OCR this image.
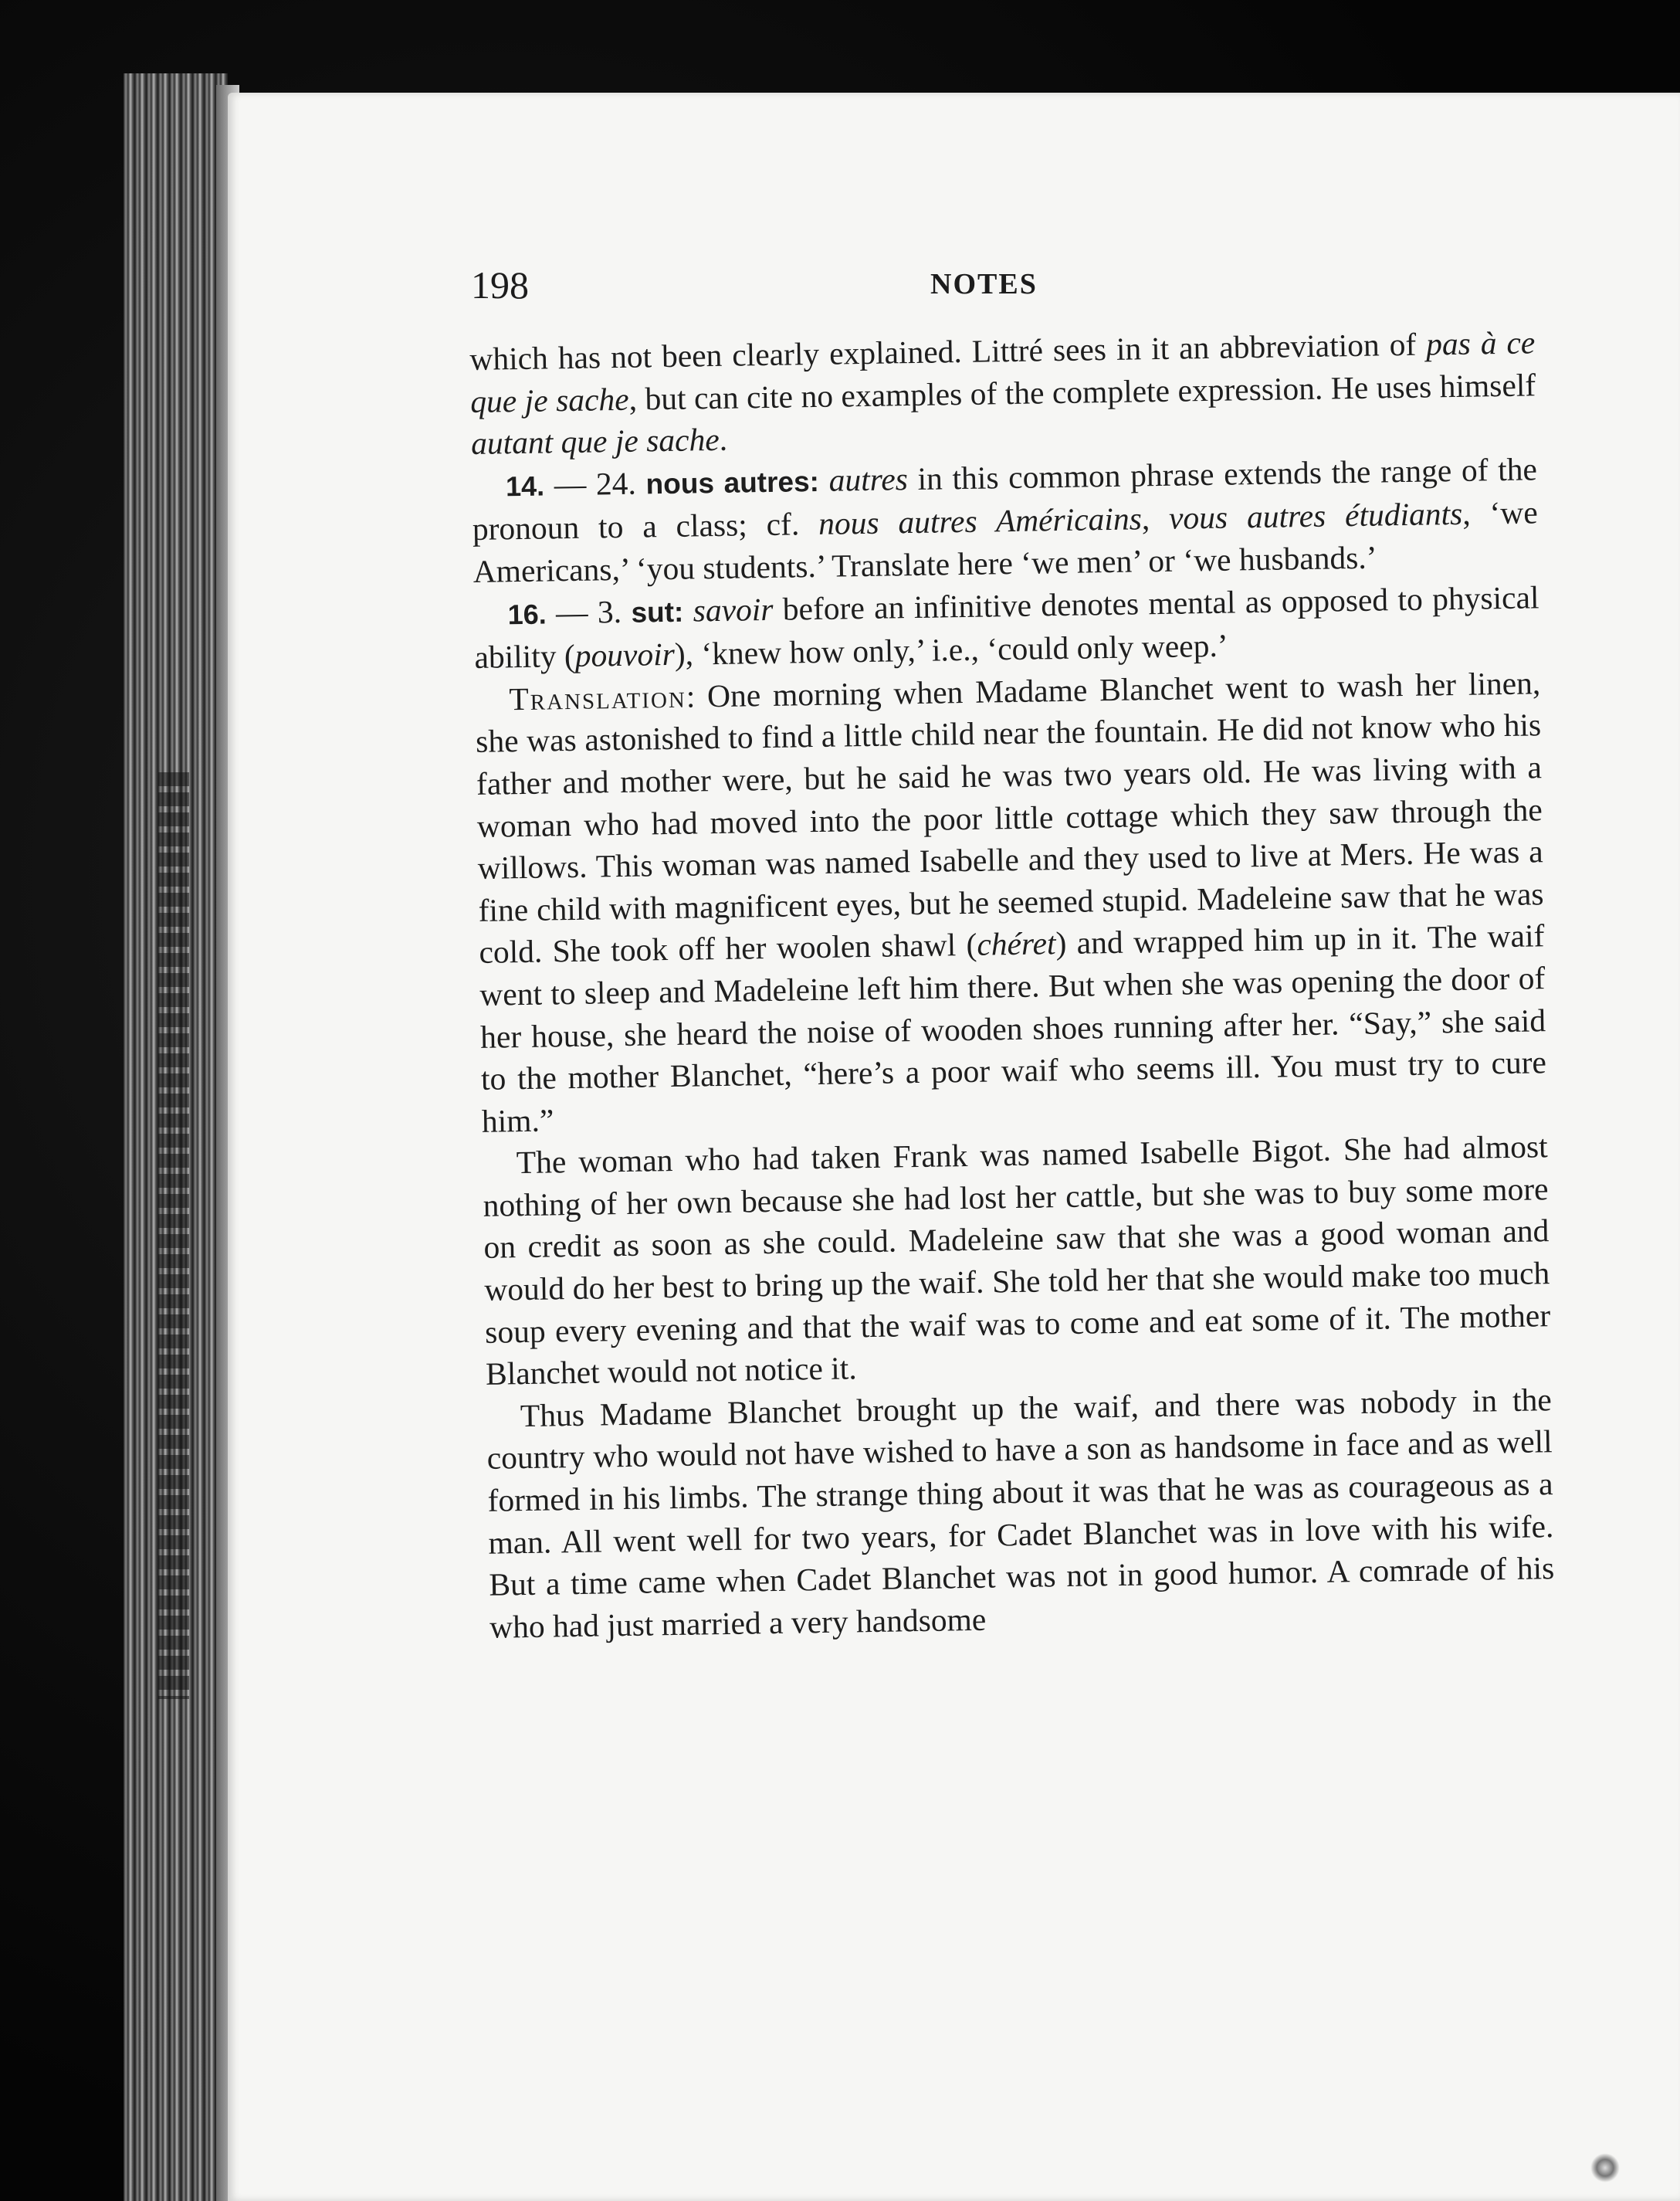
198	NOTES

which has not been clearly explained. Littré sees in it an abbreviation of pas à ce que je sache, but can cite no examples of the complete expression. He uses himself autant que je sache.

14. — 24. nous autres: autres in this common phrase extends the range of the pronoun to a class; cf. nous autres Américains, vous autres étudiants, ‘we Americans,’ ‘you students.’ Translate here ‘we men’ or ‘we husbands.’

16. — 3. sut: savoir before an infinitive denotes mental as opposed to physical ability (pouvoir), ‘knew how only,’ i.e., ‘could only weep.’

Translation: One morning when Madame Blanchet went to wash her linen, she was astonished to find a little child near the fountain. He did not know who his father and mother were, but he said he was two years old. He was living with a woman who had moved into the poor little cottage which they saw through the willows. This woman was named Isabelle and they used to live at Mers. He was a fine child with magnificent eyes, but he seemed stupid. Madeleine saw that he was cold. She took off her woolen shawl (chéret) and wrapped him up in it. The waif went to sleep and Madeleine left him there. But when she was opening the door of her house, she heard the noise of wooden shoes running after her. “Say,” she said to the mother Blanchet, “here’s a poor waif who seems ill. You must try to cure him.”

The woman who had taken Frank was named Isabelle Bigot. She had almost nothing of her own because she had lost her cattle, but she was to buy some more on credit as soon as she could. Madeleine saw that she was a good woman and would do her best to bring up the waif. She told her that she would make too much soup every evening and that the waif was to come and eat some of it. The mother Blanchet would not notice it.

Thus Madame Blanchet brought up the waif, and there was nobody in the country who would not have wished to have a son as handsome in face and as well formed in his limbs. The strange thing about it was that he was as courageous as a man. All went well for two years, for Cadet Blanchet was in love with his wife. But a time came when Cadet Blanchet was not in good humor. A comrade of his who had just married a very handsome
